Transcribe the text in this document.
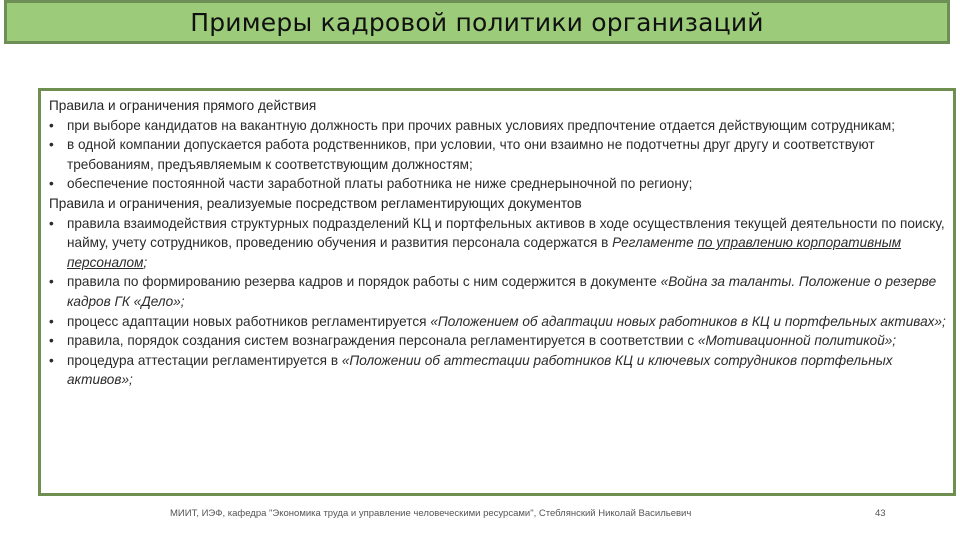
Примеры кадровой политики организаций
Правила и ограничения прямого действия
• при выборе кандидатов на вакантную должность при прочих равных условиях предпочтение отдается действующим сотрудникам;
• в одной компании допускается работа родственников, при условии, что они взаимно не подотчетны друг другу и соответствуют требованиям, предъявляемым к соответствующим должностям;
• обеспечение постоянной части заработной платы работника не ниже среднерыночной по региону;
Правила и ограничения, реализуемые посредством регламентирующих документов
• правила взаимодействия структурных подразделений КЦ и портфельных активов в ходе осуществления текущей деятельности по поиску, найму, учету сотрудников, проведению обучения и развития персонала содержатся в Регламенте по управлению корпоративным персоналом;
• правила по формированию резерва кадров и порядок работы с ним содержится в документе «Война за таланты. Положение о резерве кадров ГК «Дело»;
• процесс адаптации новых работников регламентируется «Положением об адаптации новых работников в КЦ и портфельных активах»;
• правила, порядок создания систем вознаграждения персонала регламентируется в соответствии с «Мотивационной политикой»;
• процедура аттестации регламентируется в «Положении об аттестации работников КЦ и ключевых сотрудников портфельных активов»;
МИИТ, ИЭФ, кафедра "Экономика труда и управление человеческими ресурсами", Стеблянский Николай Васильевич	43
